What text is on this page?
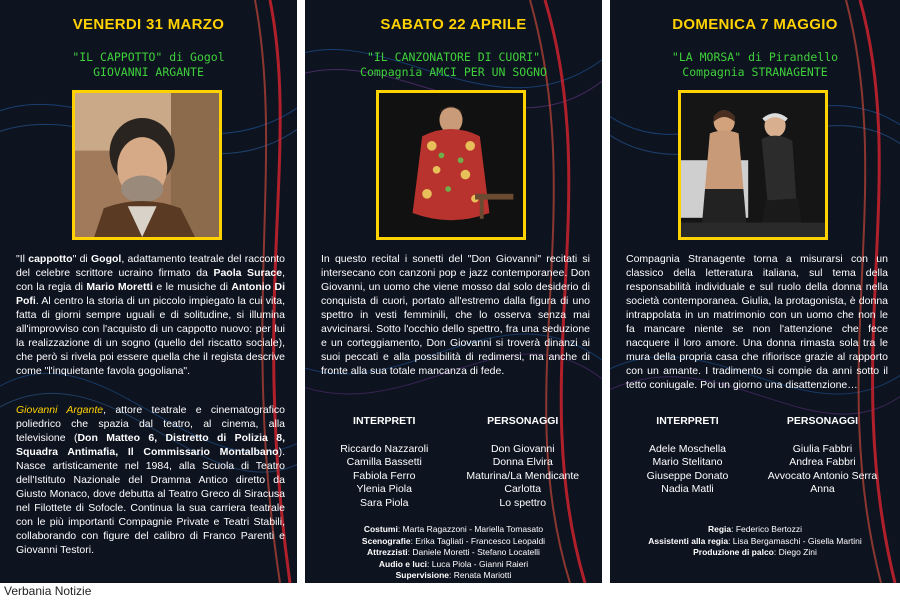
VENERDI 31 MARZO
"IL CAPPOTTO" di Gogol
GIOVANNI ARGANTE
"Il cappotto" di Gogol, adattamento teatrale del racconto del celebre scrittore ucraino firmato da Paola Surace, con la regia di Mario Moretti e le musiche di Antonio Di Pofi. Al centro la storia di un piccolo impiegato la cui vita, fatta di giorni sempre uguali e di solitudine, si illumina all'improvviso con l'acquisto di un cappotto nuovo: per lui la realizzazione di un sogno (quello del riscatto sociale), che però si rivela poi essere quella che il regista descrive come "l'inquietante favola gogoliana".
Giovanni Argante, attore teatrale e cinematografico poliedrico che spazia dal teatro, al cinema, alla televisione (Don Matteo 6, Distretto di Polizia 8, Squadra Antimafia, Il Commissario Montalbano). Nasce artisticamente nel 1984, alla Scuola di Teatro dell'Istituto Nazionale del Dramma Antico diretto da Giusto Monaco, dove debutta al Teatro Greco di Siracusa nel Filottete di Sofocle. Continua la sua carriera teatrale con le più importanti Compagnie Private e Teatri Stabili, collaborando con figure del calibro di Franco Parenti e Giovanni Testori.
SABATO 22 APRILE
"IL CANZONATORE DI CUORI"
Compagnia AMCI PER UN SOGNO
In questo recital i sonetti del "Don Giovanni" recitati si intersecano con canzoni pop e jazz contemporanee. Don Giovanni, un uomo che viene mosso dal solo desiderio di conquista di cuori, portato all'estremo dalla figura di uno spettro in vesti femminili, che lo osserva senza mai avvicinarsi. Sotto l'occhio dello spettro, fra una seduzione e un corteggiamento, Don Giovanni si troverà dinanzi ai suoi peccati e alla possibilità di redimersi, ma anche di fronte alla sua totale mancanza di fede.
INTERPRETI
Riccardo Nazzaroli
Camilla Bassetti
Fabiola Ferro
Ylenia Piola
Sara Piola
PERSONAGGI
Don Giovanni
Donna Elvira
Maturina/La Mendicante
Carlotta
Lo spettro
Costumi: Marta Ragazzoni - Mariella Tomasato
Scenografie: Erika Tagliati - Francesco Leopaldi
Attrezzisti: Daniele Moretti - Stefano Locatelli
Audio e luci: Luca Piola - Gianni Raieri
Supervisione: Renata Mariotti
DOMENICA 7 MAGGIO
"LA MORSA" di Pirandello
Compagnia STRANAGENTE
Compagnia Stranagente torna a misurarsi con un classico della letteratura italiana, sul tema della responsabilità individuale e sul ruolo della donna nella società contemporanea. Giulia, la protagonista, è donna intrappolata in un matrimonio con un uomo che non le fa mancare niente se non l'attenzione che fece nacquere il loro amore. Una donna rimasta sola tra le mura della propria casa che rifiorisce grazie al rapporto con un amante. I tradimento si compie da anni sotto il tetto coniugale. Poi un giorno una disattenzione…
INTERPRETI
Adele Moschella
Mario Stelitano
Giuseppe Donato
Nadia Matli
PERSONAGGI
Giulia Fabbri
Andrea Fabbri
Avvocato Antonio Serra
Anna
Regia: Federico Bertozzi
Assistenti alla regia: Lisa Bergamaschi - Gisella Martini
Produzione di palco: Diego Zini
Verbania Notizie
